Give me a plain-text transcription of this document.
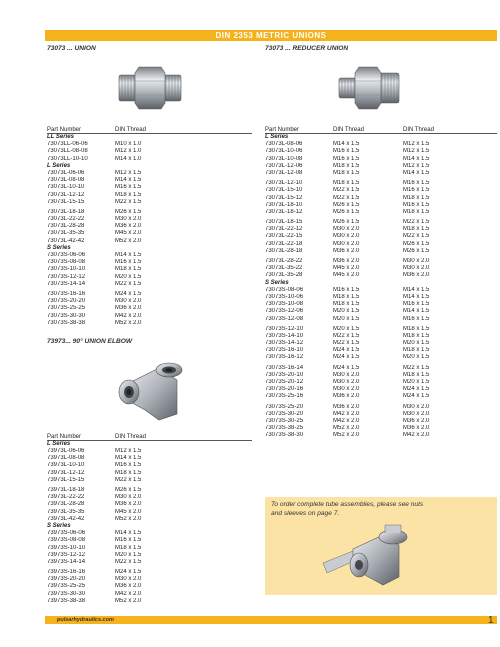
DIN 2353 METRIC UNIONS
73073 ... UNION
Part Number	DIN Thread
LL Series
73073LL-06-06	M10 x 1.0
73073LL-08-08	M12 x 1.0
73073LL-10-10	M14 x 1.0
L Series
73073L-06-06	M12 x 1.5
73073L-08-08	M14 x 1.5
73073L-10-10	M16 x 1.5
73073L-12-12	M18 x 1.5
73073L-15-15	M22 x 1.5
73073L-18-18	M26 x 1.5
73073L-22-22	M30 x 2.0
73073L-28-28	M36 x 2.0
73073L-35-35	M45 x 2.0
73073L-42-42	M52 x 2.0
S Series
73073S-06-06	M14 x 1.5
73073S-08-08	M16 x 1.5
73073S-10-10	M18 x 1.5
73073S-12-12	M20 x 1.5
73073S-14-14	M22 x 1.5
73073S-16-16	M24 x 1.5
73073S-20-20	M30 x 2.0
73073S-25-25	M36 x 2.0
73073S-30-30	M42 x 2.0
73073S-38-38	M52 x 2.0
73973... 90° UNION ELBOW
Part Number	DIN Thread
L Series
73973L-06-06	M12 x 1.5
73973L-08-08	M14 x 1.5
73973L-10-10	M16 x 1.5
73973L-12-12	M18 x 1.5
73973L-15-15	M22 x 1.5
73973L-18-18	M26 x 1.5
73973L-22-22	M30 x 2.0
73973L-28-28	M36 x 2.0
73973L-35-35	M45 x 2.0
73973L-42-42	M52 x 2.0
S Series
73973S-06-06	M14 x 1.5
73973S-08-08	M16 x 1.5
73973S-10-10	M18 x 1.5
73973S-12-12	M20 x 1.5
73973S-14-14	M22 x 1.5
73973S-16-16	M24 x 1.5
73973S-20-20	M30 x 2.0
73973S-25-25	M36 x 2.0
73973S-30-30	M42 x 2.0
73973S-38-38	M52 x 2.0
73073 ... REDUCER UNION
Part Number	DIN Thread	DIN Thread
L Series
73073L-08-06	M14 x 1.5	M12 x 1.5
73073L-10-06	M16 x 1.5	M12 x 1.5
73073L-10-08	M16 x 1.5	M14 x 1.5
73073L-12-06	M18 x 1.5	M12 x 1.5
73073L-12-08	M18 x 1.5	M14 x 1.5
73073L-12-10	M18 x 1.5	M16 x 1.5
73073L-15-10	M22 x 1.5	M16 x 1.5
73073L-15-12	M22 x 1.5	M18 x 1.5
73073L-18-10	M26 x 1.5	M16 x 1.5
73073L-18-12	M26 x 1.5	M18 x 1.5
73073L-18-15	M26 x 1.5	M22 x 1.5
73073L-22-12	M30 x 2.0	M18 x 1.5
73073L-22-15	M30 x 2.0	M22 x 1.5
73073L-22-18	M30 x 2.0	M26 x 1.5
73073L-28-18	M36 x 2.0	M26 x 1.5
73073L-28-22	M36 x 2.0	M30 x 2.0
73073L-35-22	M45 x 2.0	M30 x 2.0
73073L-35-28	M45 x 2.0	M36 x 2.0
S Series
73073S-08-06	M16 x 1.5	M14 x 1.5
73073S-10-06	M18 x 1.5	M14 x 1.5
73073S-10-08	M18 x 1.5	M16 x 1.5
73073S-12-06	M20 x 1.5	M14 x 1.5
73073S-12-08	M20 x 1.5	M16 x 1.5
73073S-12-10	M20 x 1.5	M18 x 1.5
73073S-14-10	M22 x 1.5	M18 x 1.5
73073S-14-12	M22 x 1.5	M20 x 1.5
73073S-16-10	M24 x 1.5	M18 x 1.5
73073S-16-12	M24 x 1.5	M20 x 1.5
73073S-16-14	M24 x 1.5	M22 x 1.5
73073S-20-10	M30 x 2.0	M18 x 1.5
73073S-20-12	M30 x 2.0	M20 x 1.5
73073S-20-16	M30 x 2.0	M24 x 1.5
73073S-25-16	M36 x 2.0	M24 x 1.5
73073S-25-20	M36 x 2.0	M30 x 2.0
73073S-30-20	M42 x 2.0	M30 x 2.0
73073S-30-25	M42 x 2.0	M36 x 2.0
73073S-38-25	M52 x 2.0	M36 x 2.0
73073S-38-30	M52 x 2.0	M42 x 2.0

To order complete tube assemblies, please see nuts and sleeves on page 7.

pulsarhydraulics.com	1
